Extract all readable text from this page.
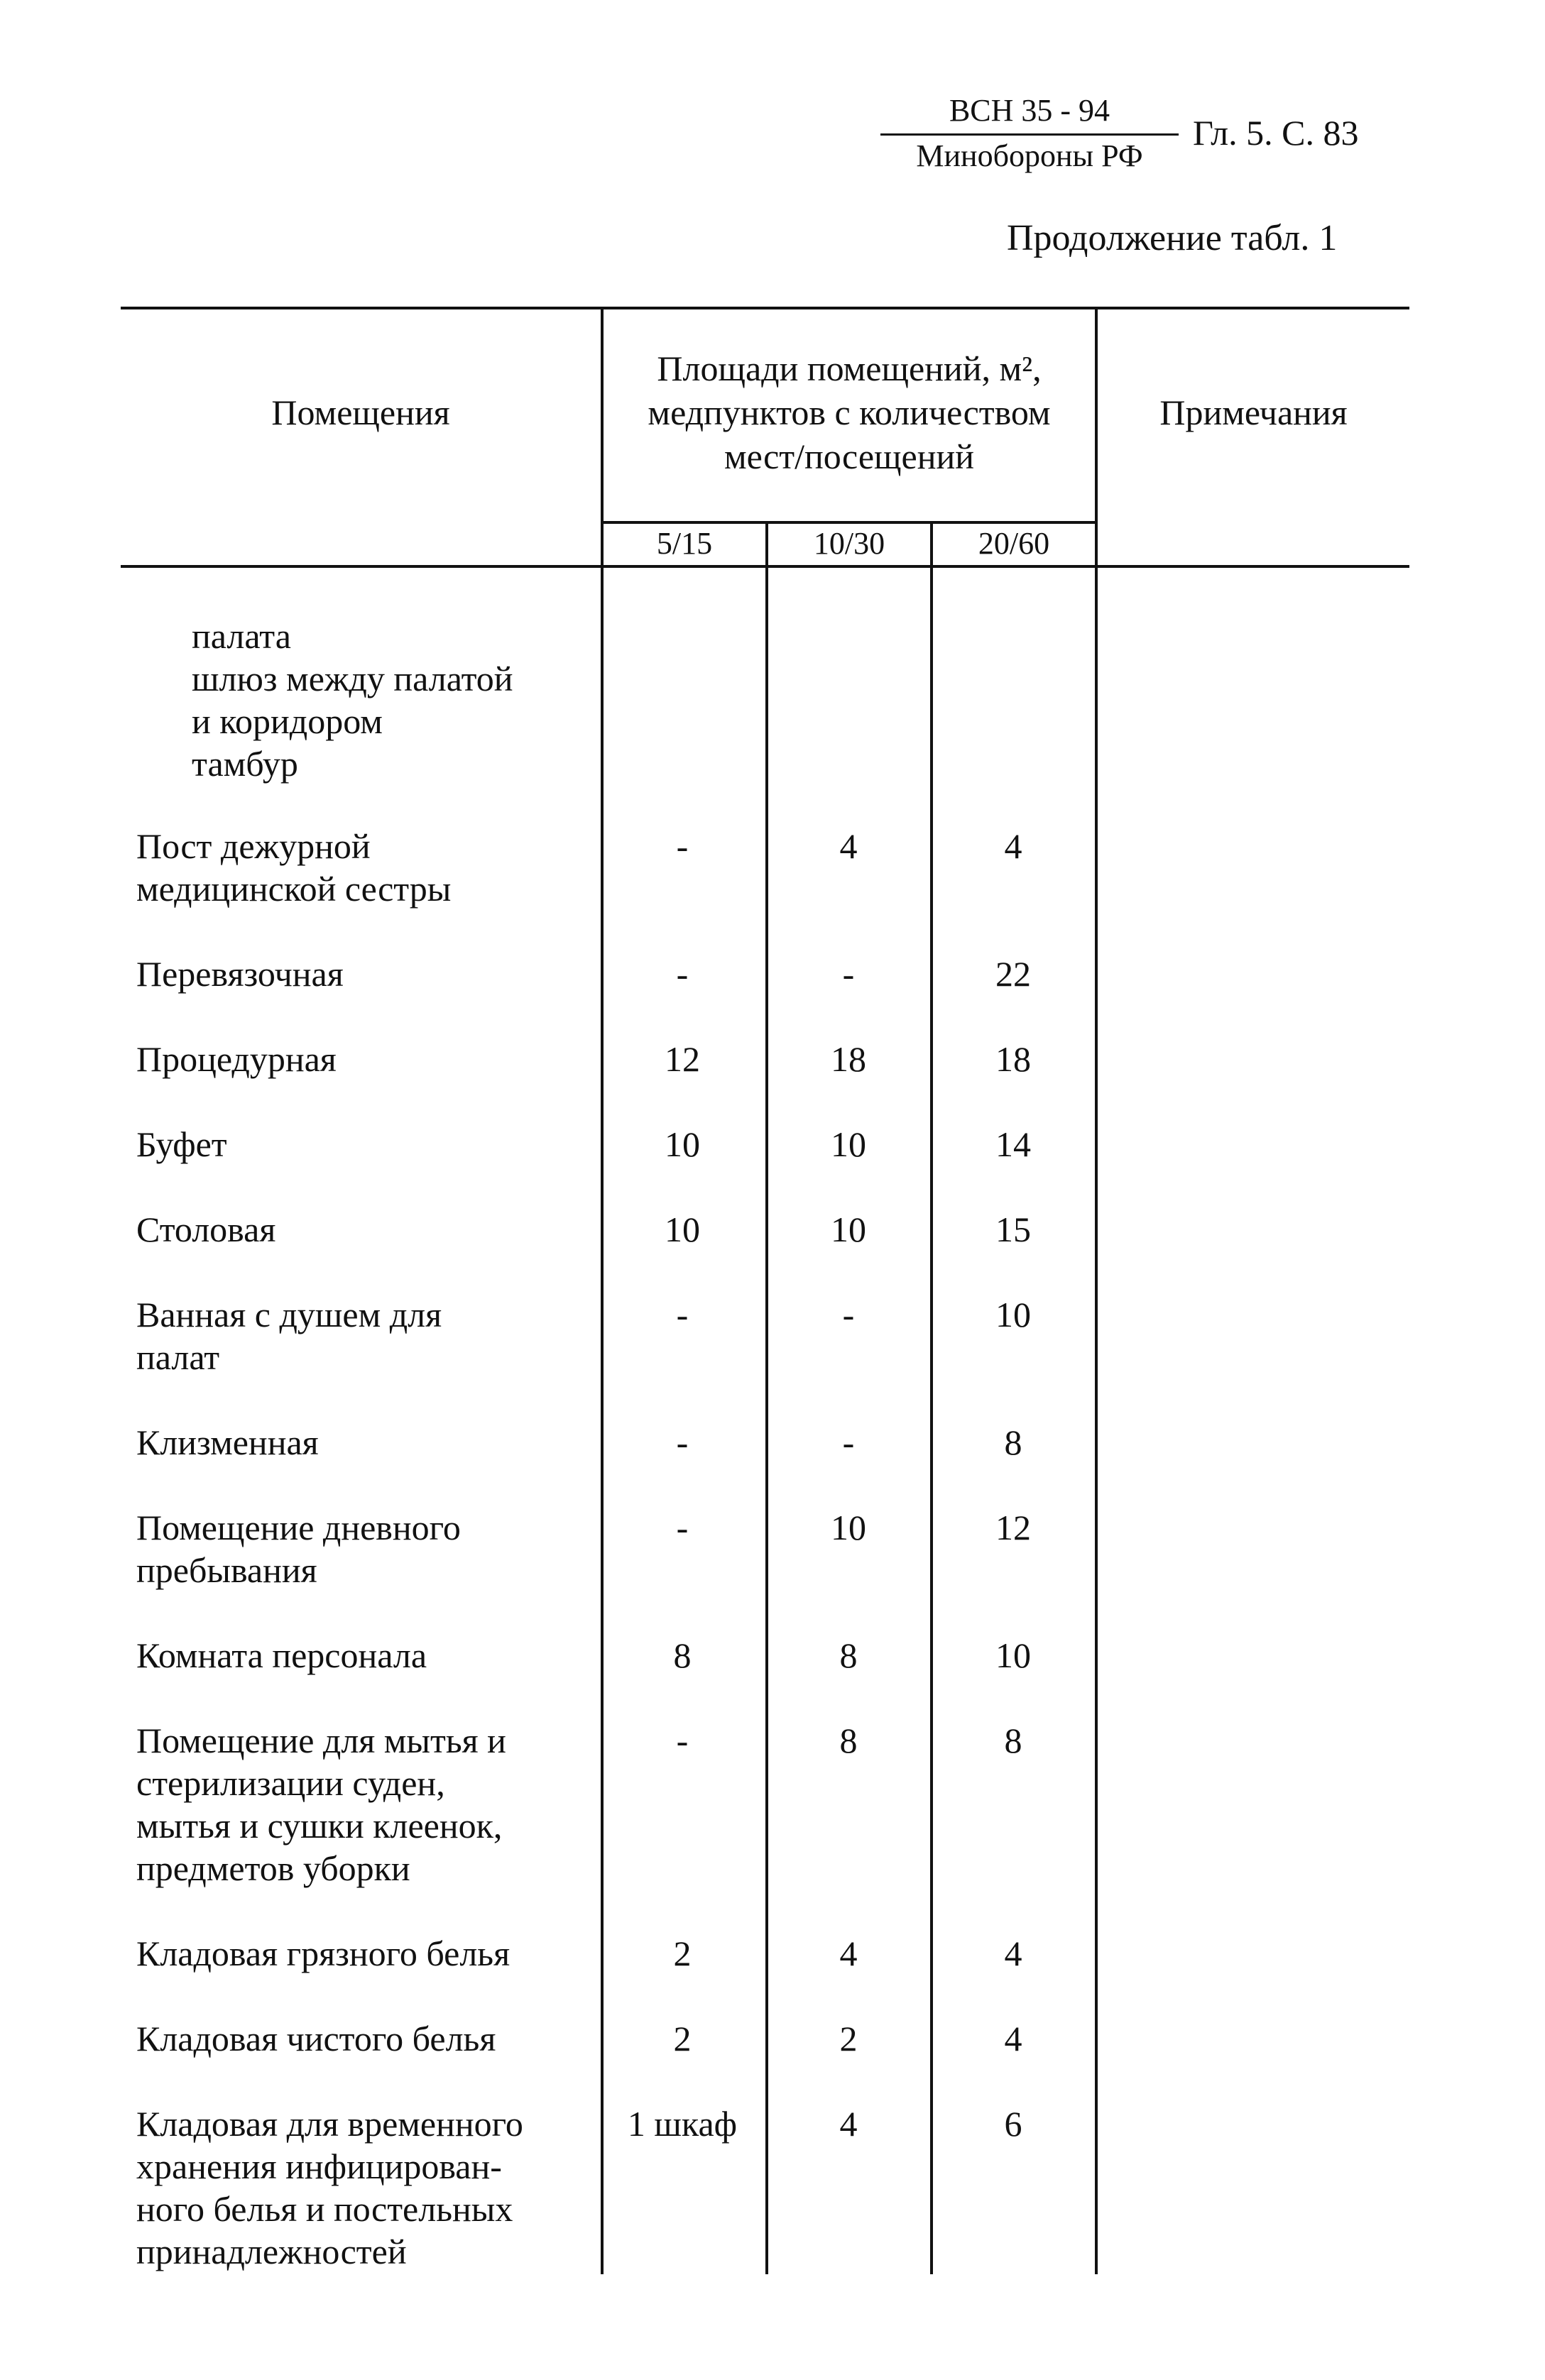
ВСН 35 - 94
Минобороны РФ
Гл. 5. С. 83
Продолжение табл. 1
Помещения
Площади помещений, м², медпунктов с количеством мест/посещений
Примечания
5/15	10/30	20/60
палата
шлюз между палатой
и коридором
тамбур
Пост дежурной
медицинской сестры
-	4	4
Перевязочная	-	-	22
Процедурная	12	18	18
Буфет	10	10	14
Столовая	10	10	15
Ванная с душем для
палат
-	-	10
Клизменная	-	-	8
Помещение дневного
пребывания
-	10	12
Комната персонала	8	8	10
Помещение для мытья и
стерилизации суден,
мытья и сушки клеенок,
предметов уборки
-	8	8
Кладовая грязного белья	2	4	4
Кладовая чистого белья	2	2	4
Кладовая для временного
хранения инфицирован-
ного белья и постельных
принадлежностей
1 шкаф	4	6
